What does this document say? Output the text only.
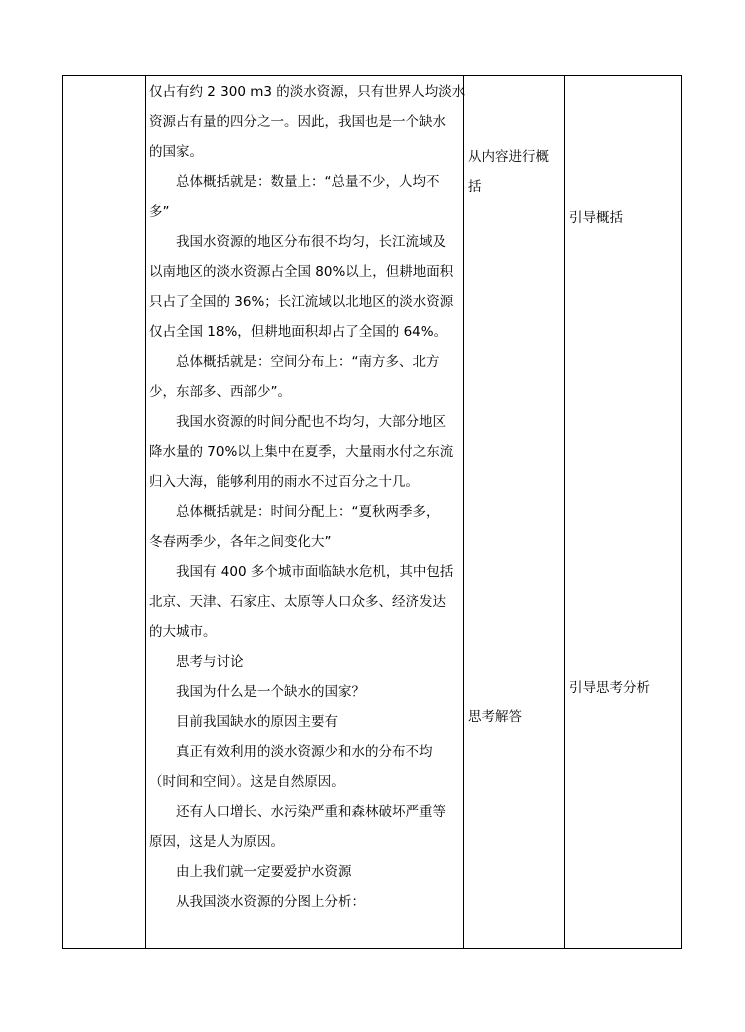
仅占有约 2 300 m3 的淡水资源，只有世界人均淡水

资源占有量的四分之一。因此，我国也是一个缺水

的国家。

总体概括就是：数量上：“总量不少，人均不

多”

我国水资源的地区分布很不均匀，长江流域及

以南地区的淡水资源占全国 80%以上，但耕地面积

只占了全国的 36%；长江流域以北地区的淡水资源

仅占全国 18%，但耕地面积却占了全国的 64%。

总体概括就是：空间分布上：“南方多、北方

少，东部多、西部少”。

我国水资源的时间分配也不均匀，大部分地区

降水量的 70%以上集中在夏季，大量雨水付之东流

归入大海，能够利用的雨水不过百分之十几。

总体概括就是：时间分配上：“夏秋两季多，

冬春两季少，各年之间变化大”

我国有 400 多个城市面临缺水危机，其中包括

北京、天津、石家庄、太原等人口众多、经济发达

的大城市。

思考与讨论

我国为什么是一个缺水的国家？

目前我国缺水的原因主要有

真正有效利用的淡水资源少和水的分布不均

（时间和空间）。这是自然原因。

还有人口增长、水污染严重和森林破坏严重等

原因，这是人为原因。

由上我们就一定要爱护水资源

从我国淡水资源的分图上分析：

从内容进行概
括
思考解答
引导概括
引导思考分析
